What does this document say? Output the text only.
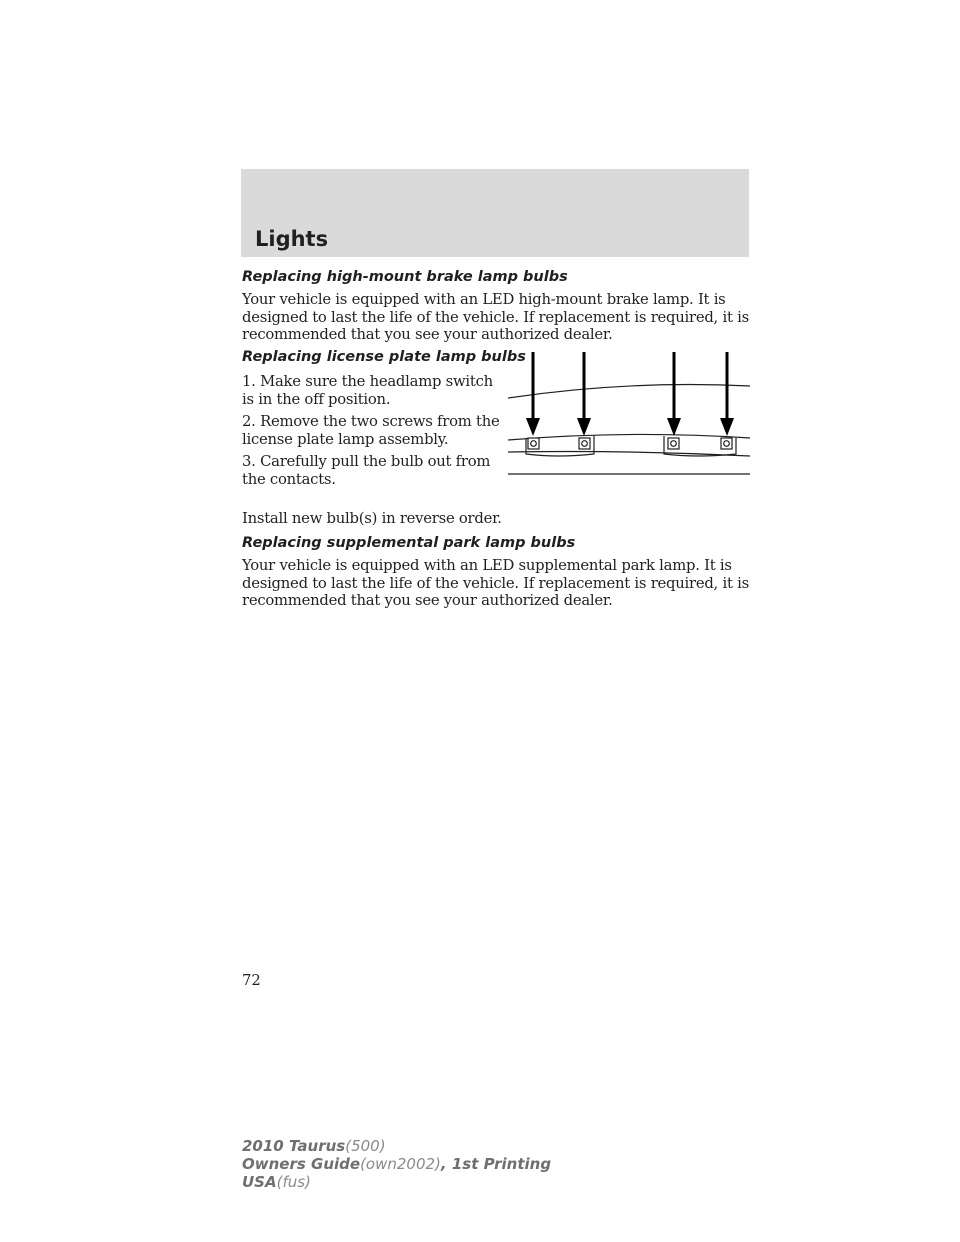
Lights
Replacing high-mount brake lamp bulbs

Your vehicle is equipped with an LED high-mount brake lamp. It is designed to last the life of the vehicle. If replacement is required, it is recommended that you see your authorized dealer.

Replacing license plate lamp bulbs

1. Make sure the headlamp switch is in the off position.

2. Remove the two screws from the license plate lamp assembly.

3. Carefully pull the bulb out from the contacts.

Install new bulb(s) in reverse order.

Replacing supplemental park lamp bulbs

Your vehicle is equipped with an LED supplemental park lamp. It is designed to last the life of the vehicle. If replacement is required, it is recommended that you see your authorized dealer.

72
2010 Taurus(500)
Owners Guide(own2002), 1st Printing
USA(fus)
